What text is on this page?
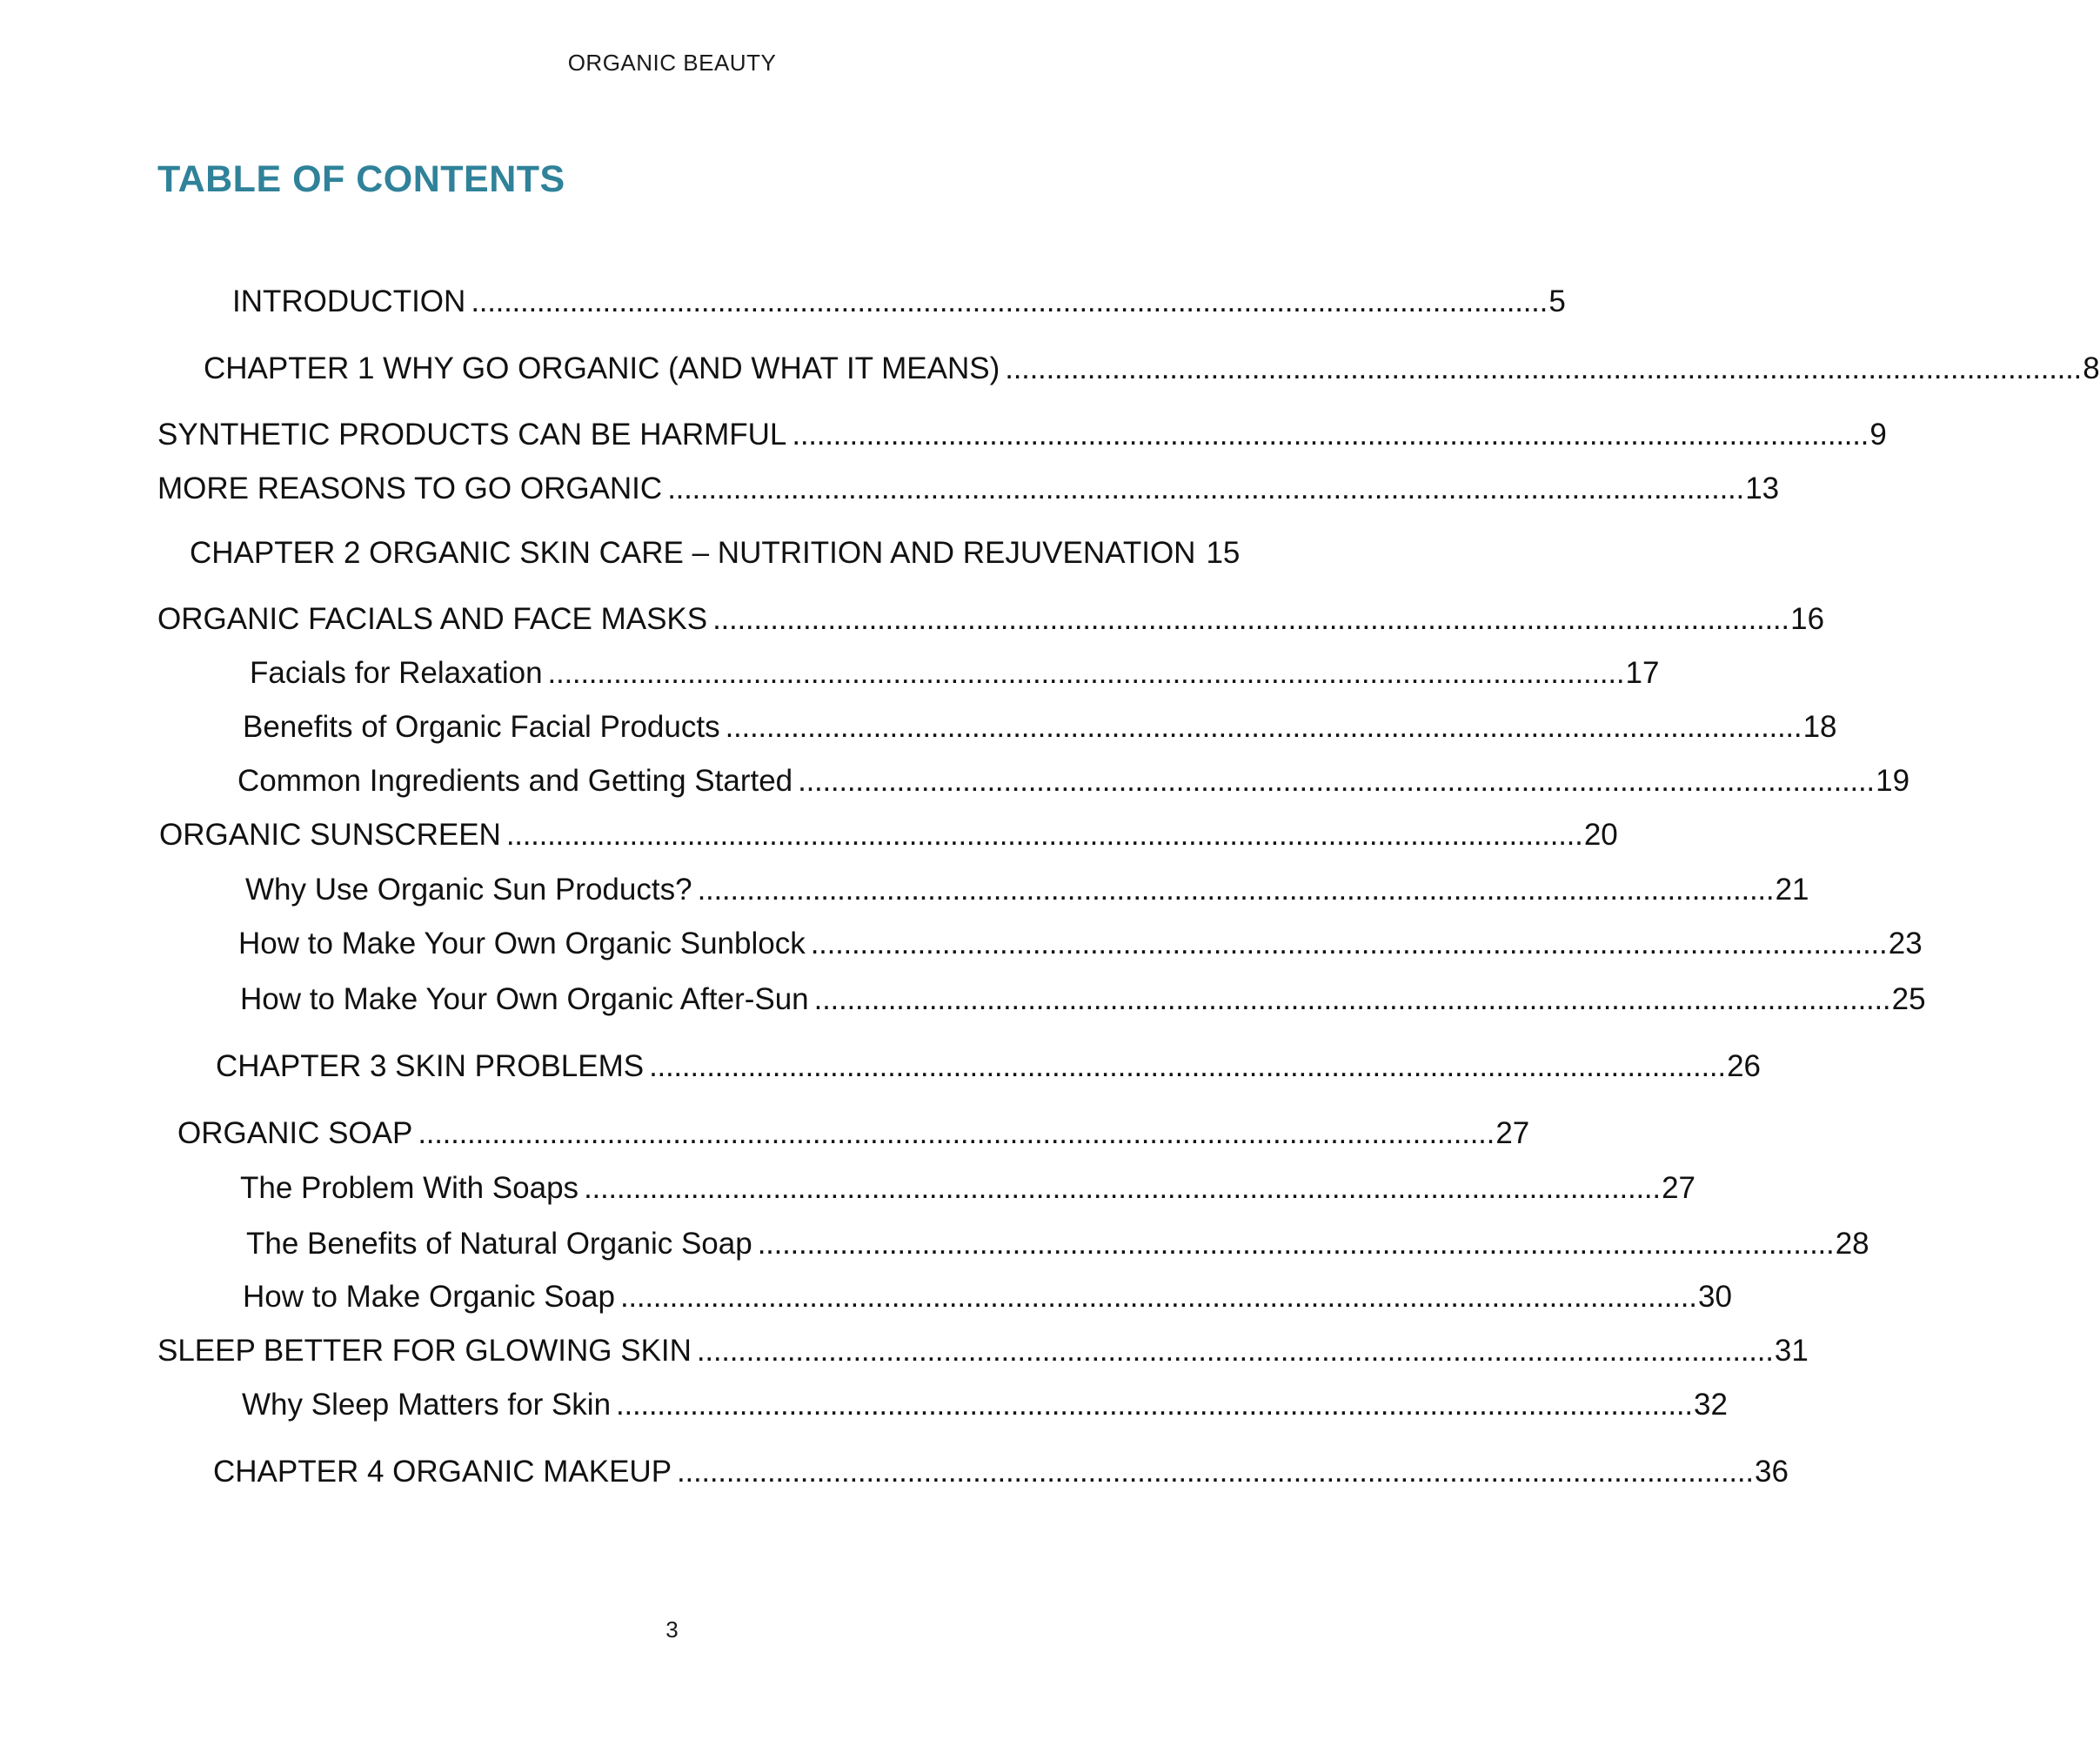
ORGANIC BEAUTY
TABLE OF CONTENTS
INTRODUCTION . . .	5
CHAPTER 1 WHY GO ORGANIC (AND WHAT IT MEANS) . . .	8
SYNTHETIC PRODUCTS CAN BE HARMFUL . . .	9
MORE REASONS TO GO ORGANIC . . .	13
CHAPTER 2 ORGANIC SKIN CARE – NUTRITION AND REJUVENATION 15
ORGANIC FACIALS AND FACE MASKS . . .	16
Facials for Relaxation . . .	17
Benefits of Organic Facial Products . . .	18
Common Ingredients and Getting Started . . .	19
ORGANIC SUNSCREEN . . .	20
Why Use Organic Sun Products? . . .	21
How to Make Your Own Organic Sunblock . . .	23
How to Make Your Own Organic After-Sun . . .	25
CHAPTER 3 SKIN PROBLEMS . . .	26
ORGANIC SOAP . . .	27
The Problem With Soaps . . .	27
The Benefits of Natural Organic Soap . . .	28
How to Make Organic Soap . . .	30
SLEEP BETTER FOR GLOWING SKIN . . .	31
Why Sleep Matters for Skin . . .	32
CHAPTER 4 ORGANIC MAKEUP . . .	36
3
